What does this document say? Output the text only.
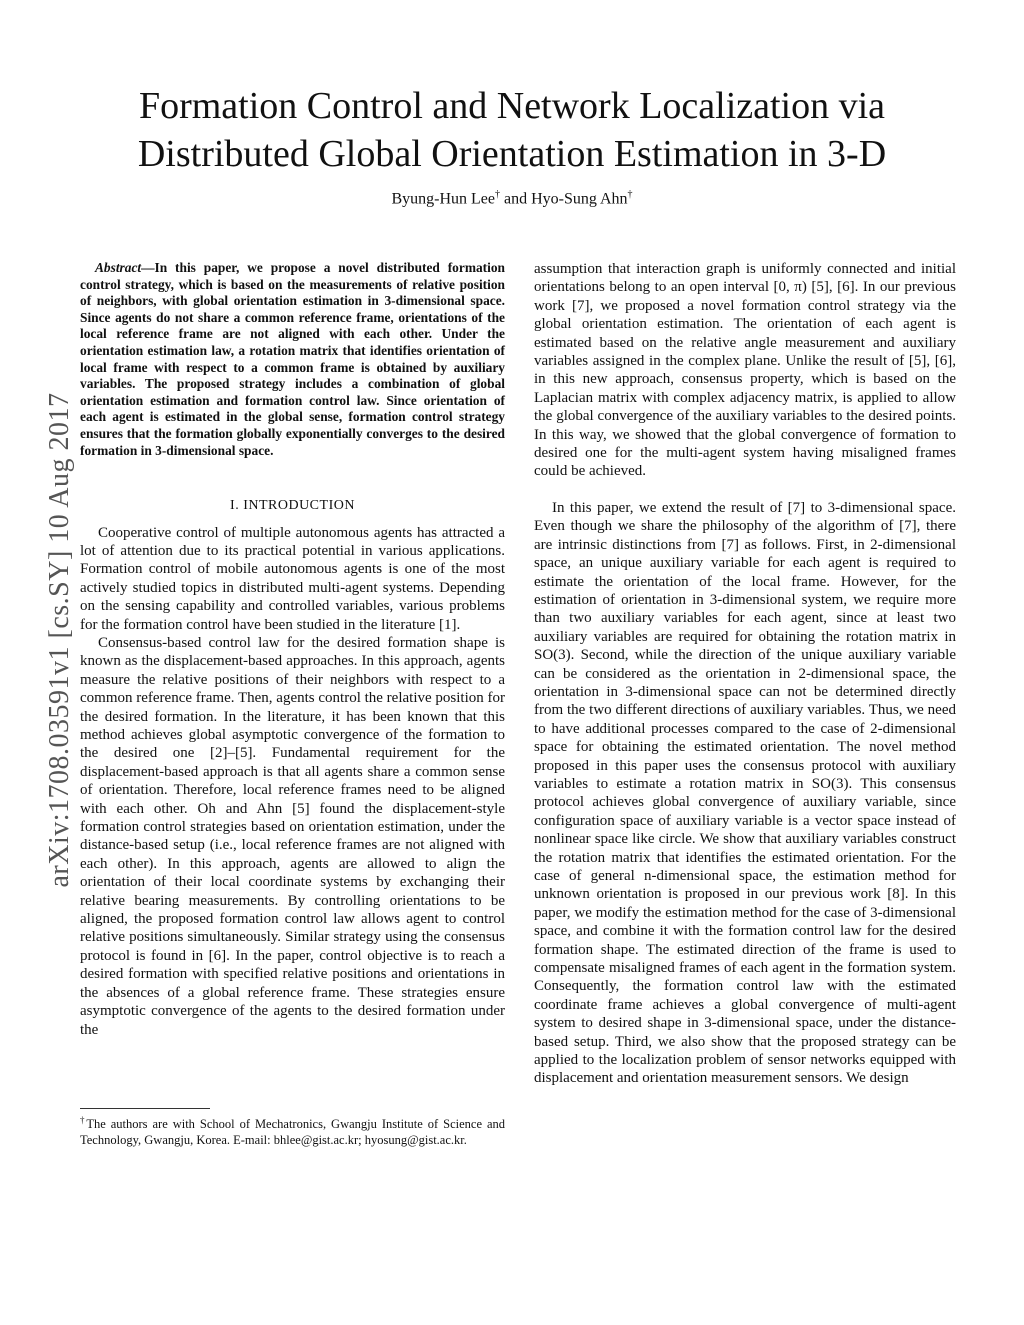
Formation Control and Network Localization via
Distributed Global Orientation Estimation in 3-D
Byung-Hun Lee† and Hyo-Sung Ahn†
arXiv:1708.03591v1 [cs.SY] 10 Aug 2017

Abstract—In this paper, we propose a novel distributed formation control strategy, which is based on the measurements of relative position of neighbors, with global orientation estimation in 3-dimensional space. Since agents do not share a common reference frame, orientations of the local reference frame are not aligned with each other. Under the orientation estimation law, a rotation matrix that identifies orientation of local frame with respect to a common frame is obtained by auxiliary variables. The proposed strategy includes a combination of global orientation estimation and formation control law. Since orientation of each agent is estimated in the global sense, formation control strategy ensures that the formation globally exponentially converges to the desired formation in 3-dimensional space.

I. INTRODUCTION

Cooperative control of multiple autonomous agents has attracted a lot of attention due to its practical potential in various applications. Formation control of mobile autonomous agents is one of the most actively studied topics in distributed multi-agent systems. Depending on the sensing capability and controlled variables, various problems for the formation control have been studied in the literature [1].

Consensus-based control law for the desired formation shape is known as the displacement-based approaches. In this approach, agents measure the relative positions of their neighbors with respect to a common reference frame. Then, agents control the relative position for the desired formation. In the literature, it has been known that this method achieves global asymptotic convergence of the formation to the desired one [2]–[5]. Fundamental requirement for the displacement-based approach is that all agents share a common sense of orientation. Therefore, local reference frames need to be aligned with each other. Oh and Ahn [5] found the displacement-style formation control strategies based on orientation estimation, under the distance-based setup (i.e., local reference frames are not aligned with each other). In this approach, agents are allowed to align the orientation of their local coordinate systems by exchanging their relative bearing measurements. By controlling orientations to be aligned, the proposed formation control law allows agent to control relative positions simultaneously. Similar strategy using the consensus protocol is found in [6]. In the paper, control objective is to reach a desired formation with specified relative positions and orientations in the absences of a global reference frame. These strategies ensure asymptotic convergence of the agents to the desired formation under the

assumption that interaction graph is uniformly connected and initial orientations belong to an open interval [0, π) [5], [6]. In our previous work [7], we proposed a novel formation control strategy via the global orientation estimation. The orientation of each agent is estimated based on the relative angle measurement and auxiliary variables assigned in the complex plane. Unlike the result of [5], [6], in this new approach, consensus property, which is based on the Laplacian matrix with complex adjacency matrix, is applied to allow the global convergence of the auxiliary variables to the desired points. In this way, we showed that the global convergence of formation to desired one for the multi-agent system having misaligned frames could be achieved.

In this paper, we extend the result of [7] to 3-dimensional space. Even though we share the philosophy of the algorithm of [7], there are intrinsic distinctions from [7] as follows. First, in 2-dimensional space, an unique auxiliary variable for each agent is required to estimate the orientation of the local frame. However, for the estimation of orientation in 3-dimensional system, we require more than two auxiliary variables for each agent, since at least two auxiliary variables are required for obtaining the rotation matrix in SO(3). Second, while the direction of the unique auxiliary variable can be considered as the orientation in 2-dimensional space, the orientation in 3-dimensional space can not be determined directly from the two different directions of auxiliary variables. Thus, we need to have additional processes compared to the case of 2-dimensional space for obtaining the estimated orientation. The novel method proposed in this paper uses the consensus protocol with auxiliary variables to estimate a rotation matrix in SO(3). This consensus protocol achieves global convergence of auxiliary variable, since configuration space of auxiliary variable is a vector space instead of nonlinear space like circle. We show that auxiliary variables construct the rotation matrix that identifies the estimated orientation. For the case of general n-dimensional space, the estimation method for unknown orientation is proposed in our previous work [8]. In this paper, we modify the estimation method for the case of 3-dimensional space, and combine it with the formation control law for the desired formation shape. The estimated direction of the frame is used to compensate misaligned frames of each agent in the formation system. Consequently, the formation control law with the estimated coordinate frame achieves a global convergence of multi-agent system to desired shape in 3-dimensional space, under the distance-based setup. Third, we also show that the proposed strategy can be applied to the localization problem of sensor networks equipped with displacement and orientation measurement sensors. We design

†The authors are with School of Mechatronics, Gwangju Institute of Science and Technology, Gwangju, Korea. E-mail: bhlee@gist.ac.kr; hyosung@gist.ac.kr.
